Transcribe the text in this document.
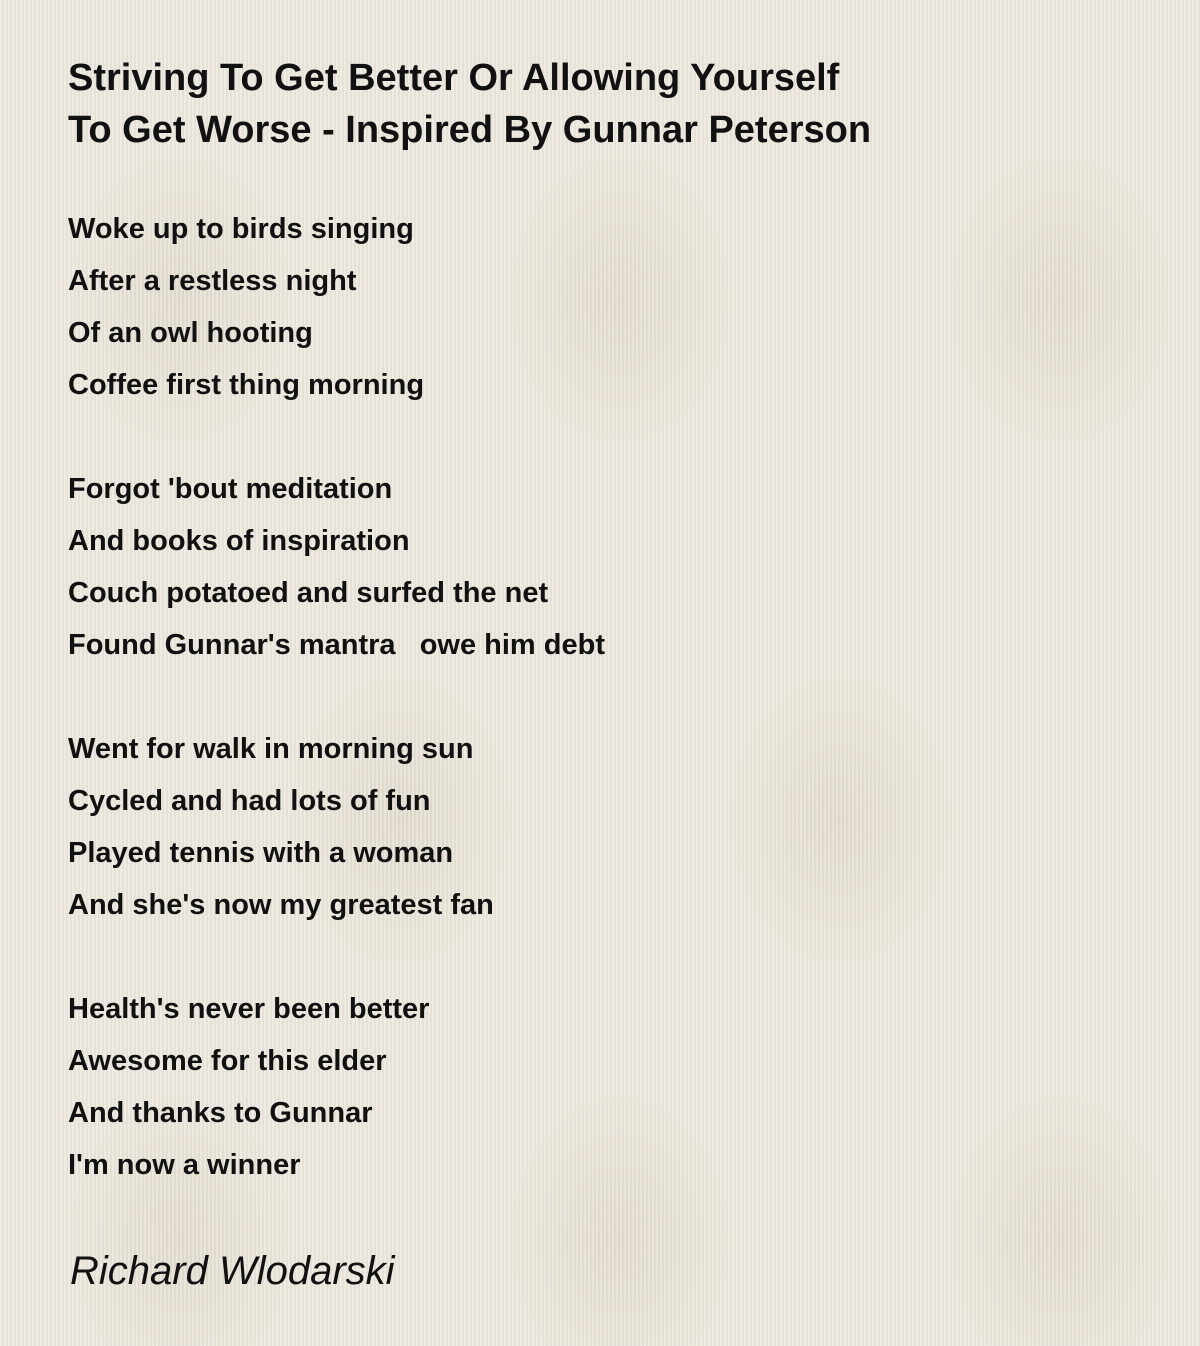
Striving To Get Better Or Allowing Yourself
To Get Worse - Inspired By Gunnar Peterson
Woke up to birds singing
After a restless night
Of an owl hooting
Coffee first thing morning
Forgot 'bout meditation
And books of inspiration
Couch potatoed and surfed the net
Found Gunnar's mantra   owe him debt
Went for walk in morning sun
Cycled and had lots of fun
Played tennis with a woman
And she's now my greatest fan
Health's never been better
Awesome for this elder
And thanks to Gunnar
I'm now a winner
Richard Wlodarski
